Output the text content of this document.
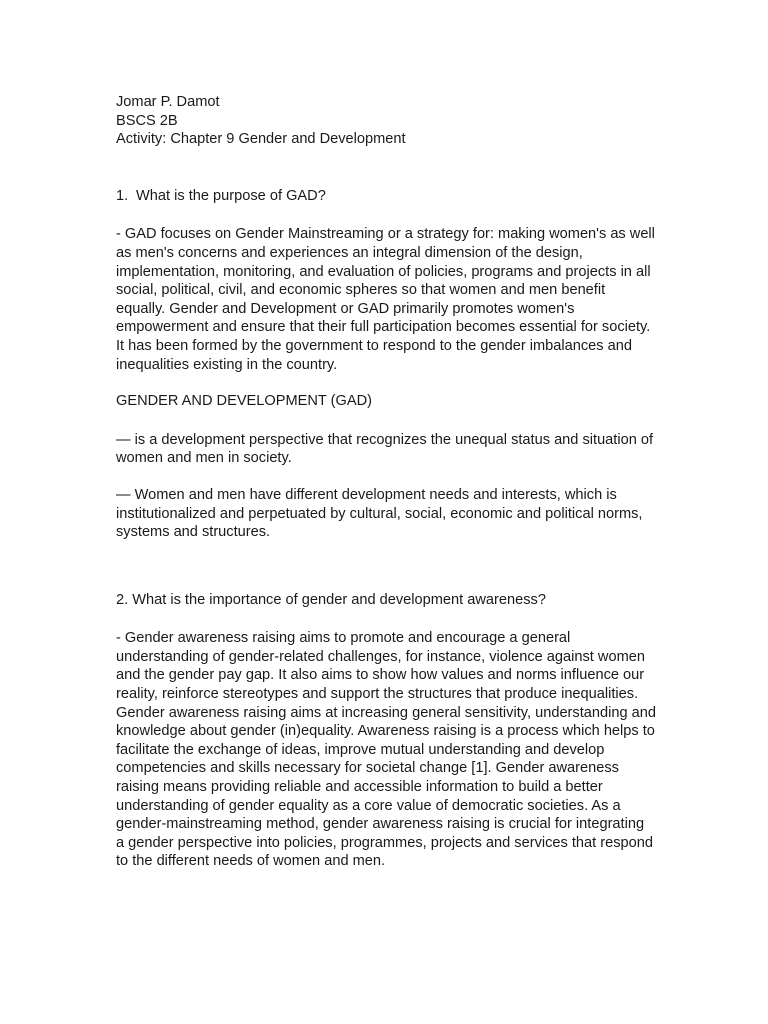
Jomar P. Damot

BSCS 2B

Activity: Chapter 9 Gender and Development

1. What is the purpose of GAD?

- GAD focuses on Gender Mainstreaming or a strategy for: making women's as well as men's concerns and experiences an integral dimension of the design, implementation, monitoring, and evaluation of policies, programs and projects in all social, political, civil, and economic spheres so that women and men benefit equally. Gender and Development or GAD primarily promotes women's empowerment and ensure that their full participation becomes essential for society. It has been formed by the government to respond to the gender imbalances and inequalities existing in the country.

GENDER AND DEVELOPMENT (GAD)

— is a development perspective that recognizes the unequal status and situation of women and men in society.

— Women and men have different development needs and interests, which is institutionalized and perpetuated by cultural, social, economic and political norms, systems and structures.

2. What is the importance of gender and development awareness?

- Gender awareness raising aims to promote and encourage a general understanding of gender-related challenges, for instance, violence against women and the gender pay gap. It also aims to show how values and norms influence our reality, reinforce stereotypes and support the structures that produce inequalities. Gender awareness raising aims at increasing general sensitivity, understanding and knowledge about gender (in)equality. Awareness raising is a process which helps to facilitate the exchange of ideas, improve mutual understanding and develop competencies and skills necessary for societal change [1]. Gender awareness raising means providing reliable and accessible information to build a better understanding of gender equality as a core value of democratic societies. As a gender-mainstreaming method, gender awareness raising is crucial for integrating a gender perspective into policies, programmes, projects and services that respond to the different needs of women and men.
